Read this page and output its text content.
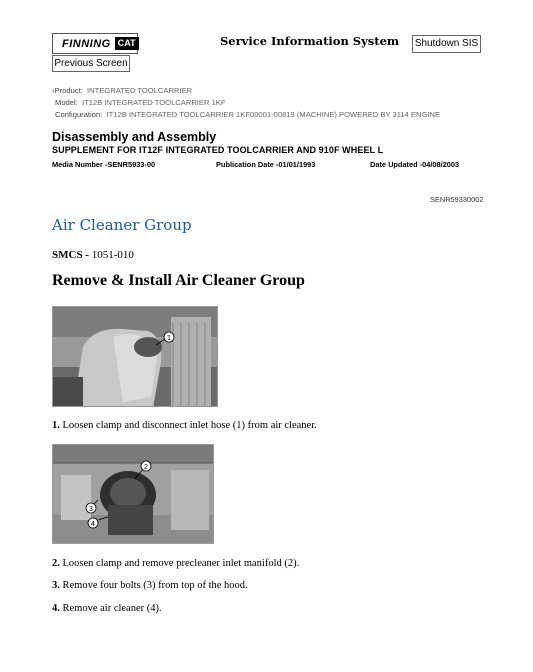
FINNING CAT	Service Information System Shutdown SIS
Previous Screen
‹Product: INTEGRATED TOOLCARRIER
Model: IT12B INTEGRATED TOOLCARRIER 1KF
Configuration: IT12B INTEGRATED TOOLCARRIER 1KF00001-00819 (MACHINE) POWERED BY 3114 ENGINE
Disassembly and Assembly
SUPPLEMENT FOR IT12F INTEGRATED TOOLCARRIER AND 910F WHEEL L
Media Number -SENR5933-00	Publication Date -01/01/1993	Date Updated -04/08/2003
SENR59330002
Air Cleaner Group
SMCS - 1051-010
Remove & Install Air Cleaner Group
1
1. Loosen clamp and disconnect inlet hose (1) from air cleaner.
2
3
4
2. Loosen clamp and remove precleaner inlet manifold (2).
3. Remove four bolts (3) from top of the hood.
4. Remove air cleaner (4).
